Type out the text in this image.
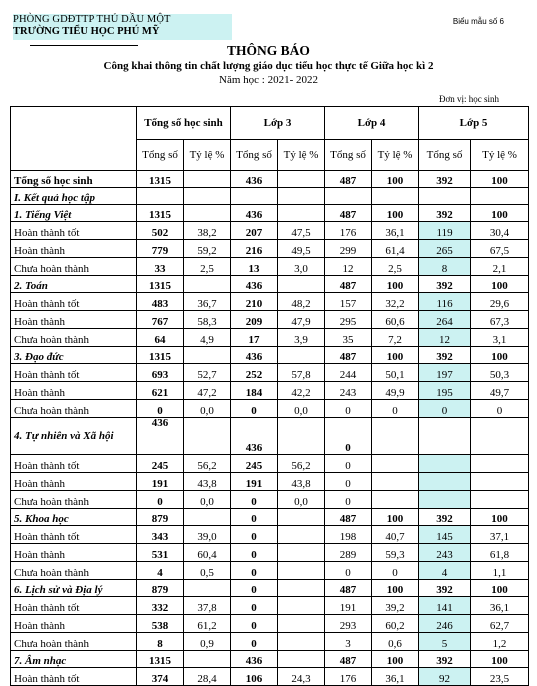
PHÒNG GDĐTTP THỦ DẦU MỘT
TRƯỜNG TIỂU HỌC PHÚ MỸ
Biểu mẫu số 6
THÔNG BÁO
Công khai thông tin chất lượng giáo dục tiểu học thực tế Giữa học kì 2
Năm học : 2021- 2022
Đơn vị: học sinh
	Tổng số học sinh		Lớp 3		Lớp 4		Lớp 5	
	Tổng số	Tỷ lệ %	Tổng số	Tỷ lệ %	Tổng số	Tỷ lệ %	Tổng số	Tỷ lệ %
Tổng số học sinh	1315		436		487	100	392	100
I. Kết quả học tập								
1. Tiếng Việt	1315		436		487	100	392	100
Hoàn thành tốt	502	38,2	207	47,5	176	36,1	119	30,4
Hoàn thành	779	59,2	216	49,5	299	61,4	265	67,5
Chưa hoàn thành	33	2,5	13	3,0	12	2,5	8	2,1
2. Toán	1315		436		487	100	392	100
Hoàn thành tốt	483	36,7	210	48,2	157	32,2	116	29,6
Hoàn thành	767	58,3	209	47,9	295	60,6	264	67,3
Chưa hoàn thành	64	4,9	17	3,9	35	7,2	12	3,1
3. Đạo đức	1315		436		487	100	392	100
Hoàn thành tốt	693	52,7	252	57,8	244	50,1	197	50,3
Hoàn thành	621	47,2	184	42,2	243	49,9	195	49,7
Chưa hoàn thành	0	0,0	0	0,0	0	0	0	0
4. Tự nhiên và Xã hội	436		436		0			
Hoàn thành tốt	245	56,2	245	56,2	0			
Hoàn thành	191	43,8	191	43,8	0			
Chưa hoàn thành	0	0,0	0	0,0	0			
5. Khoa học	879		0		487	100	392	100
Hoàn thành tốt	343	39,0	0		198	40,7	145	37,1
Hoàn thành	531	60,4	0		289	59,3	243	61,8
Chưa hoàn thành	4	0,5	0		0	0	4	1,1
6. Lịch sử và Địa lý	879		0		487	100	392	100
Hoàn thành tốt	332	37,8	0		191	39,2	141	36,1
Hoàn thành	538	61,2	0		293	60,2	246	62,7
Chưa hoàn thành	8	0,9	0		3	0,6	5	1,2
7. Âm nhạc	1315		436		487	100	392	100
Hoàn thành tốt	374	28,4	106	24,3	176	36,1	92	23,5
